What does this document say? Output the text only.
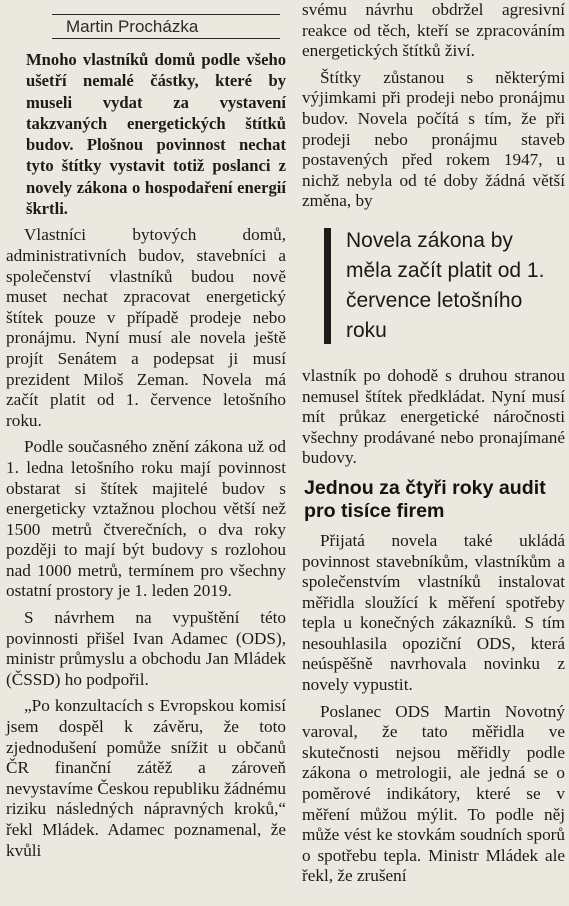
Martin Procházka

Mnoho vlastníků domů podle všeho ušetří nemalé částky, které by museli vydat za vystavení takzvaných energetických štítků budov. Plošnou povinnost nechat tyto štítky vystavit totiž poslanci z novely zákona o hospodaření energií škrtli.

Vlastníci bytových domů, administrativních budov, stavebníci a společenství vlastníků budou nově muset nechat zpracovat energetický štítek pouze v případě prodeje nebo pronájmu. Nyní musí ale novela ještě projít Senátem a podepsat ji musí prezident Miloš Zeman. Novela má začít platit od 1. července letošního roku.

Podle současného znění zákona už od 1. ledna letošního roku mají povinnost obstarat si štítek majitelé budov s energeticky vztažnou plochou větší než 1500 metrů čtverečních, o dva roky později to mají být budovy s rozlohou nad 1000 metrů, termínem pro všechny ostatní prostory je 1. leden 2019.

S návrhem na vypuštění této povinnosti přišel Ivan Adamec (ODS), ministr průmyslu a obchodu Jan Mládek (ČSSD) ho podpořil.

„Po konzultacích s Evropskou komisí jsem dospěl k závěru, že toto zjednodušení pomůže snížit u občanů ČR finanční zátěž a zároveň nevystavíme Českou republiku žádnému riziku následných nápravných kroků,“ řekl Mládek. Adamec poznamenal, že kvůli

svému návrhu obdržel agresivní reakce od těch, kteří se zpracováním energetických štítků živí.

Štítky zůstanou s některými výjimkami při prodeji nebo pronájmu budov. Novela počítá s tím, že při prodeji nebo pronájmu staveb postavených před rokem 1947, u nichž nebyla od té doby žádná větší změna, by

Novela zákona by měla začít platit od 1. července letošního roku

vlastník po dohodě s druhou stranou nemusel štítek předkládat. Nyní musí mít průkaz energetické náročnosti všechny prodávané nebo pronajímané budovy.

Jednou za čtyři roky audit pro tisíce firem

Přijatá novela také ukládá povinnost stavebníkům, vlastníkům a společenstvím vlastníků instalovat měřidla sloužící k měření spotřeby tepla u konečných zákazníků. S tím nesouhlasila opoziční ODS, která neúspěšně navrhovala novinku z novely vypustit.

Poslanec ODS Martin Novotný varoval, že tato měřidla ve skutečnosti nejsou měřidly podle zákona o metrologii, ale jedná se o poměrové indikátory, které se v měření můžou mýlit. To podle něj může vést ke stovkám soudních sporů o spotřebu tepla. Ministr Mládek ale řekl, že zrušení
